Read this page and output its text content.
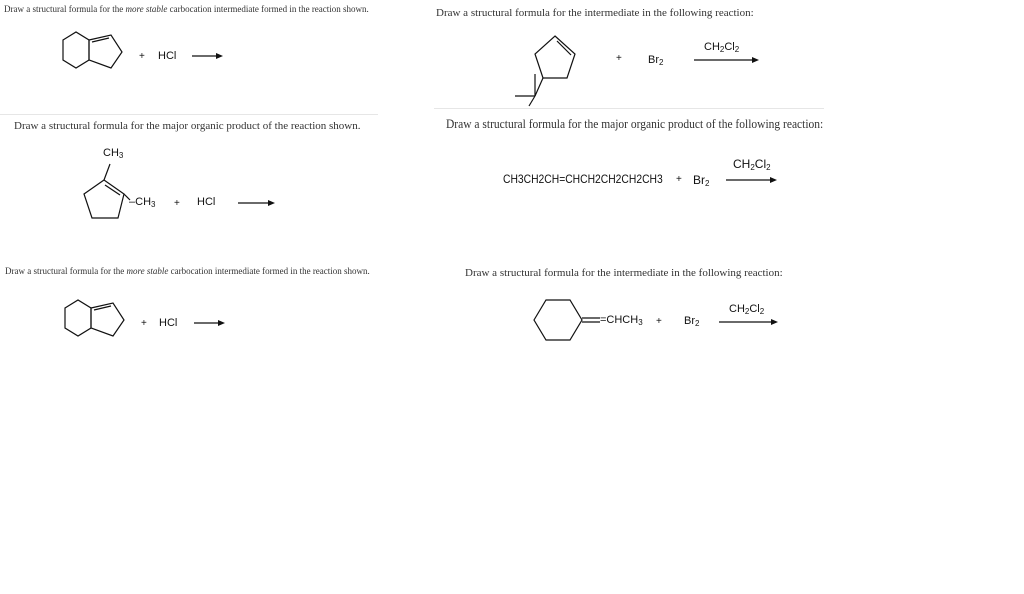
Draw a structural formula for the more stable carbocation intermediate formed in the reaction shown.
+ HCl
Draw a structural formula for the intermediate in the following reaction:
+ $Br_2$
$CH_2Cl_2$
Draw a structural formula for the major organic product of the reaction shown.
$CH_3$
$-CH_3$ + HCl
Draw a structural formula for the major organic product of the following reaction:
CH3CH2CH=CHCH2CH2CH2CH3 + $Br_2$
$CH_2Cl_2$
Draw a structural formula for the more stable carbocation intermediate formed in the reaction shown.
+ HCl
Draw a structural formula for the intermediate in the following reaction:
$=CHCH_3 + Br_2$
$CH_2Cl_2$
